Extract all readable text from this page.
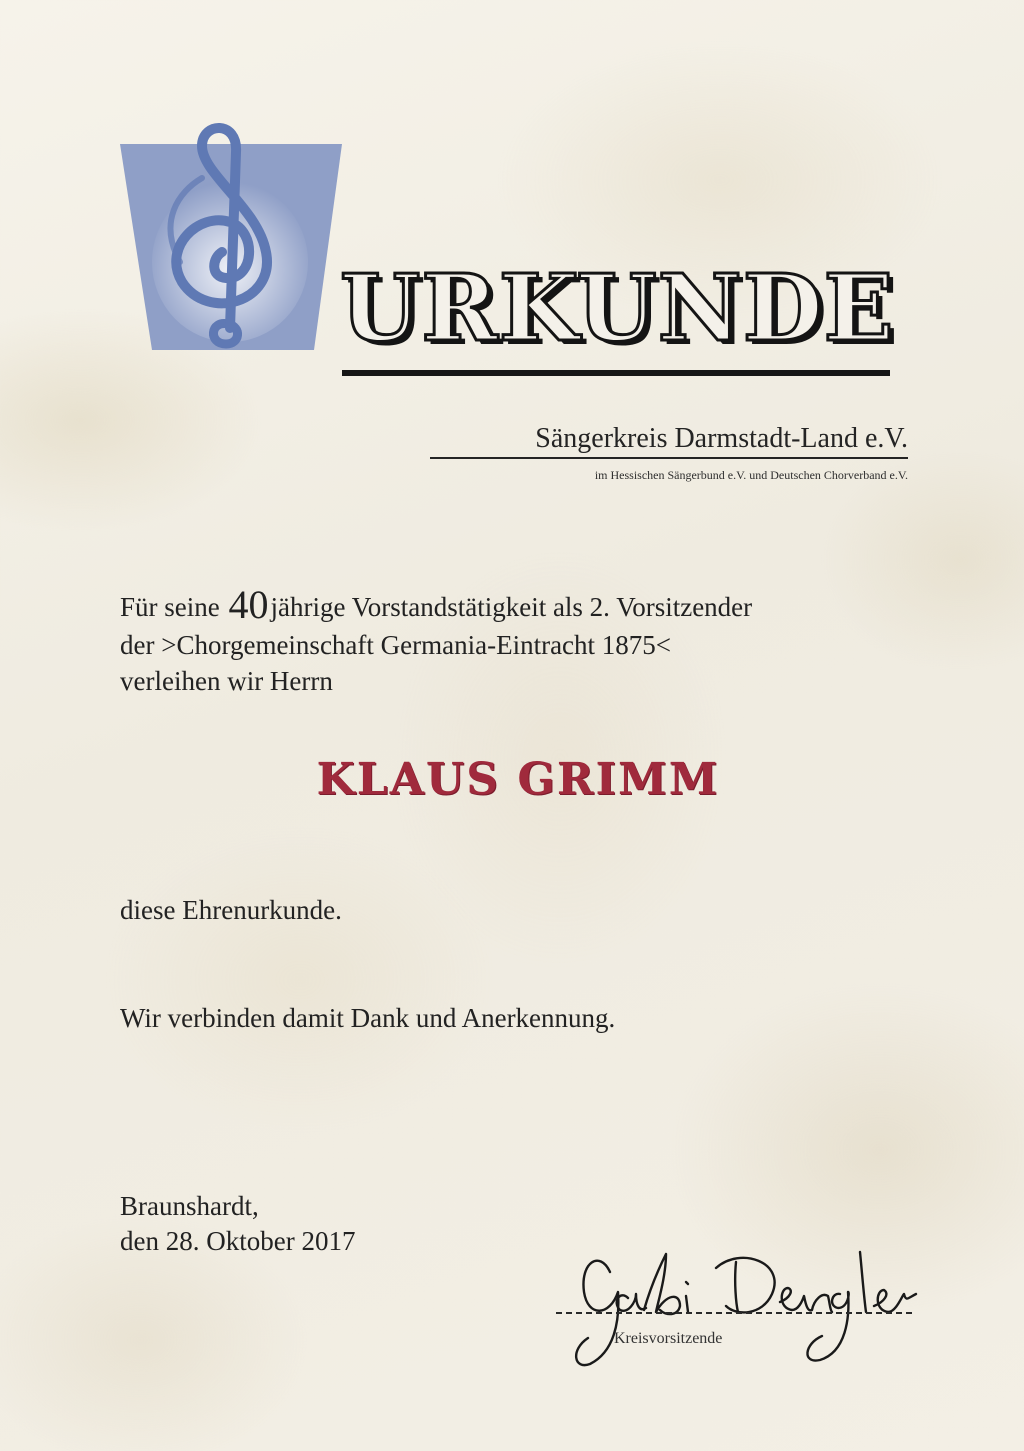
URKUNDE
Sängerkreis Darmstadt-Land e.V.
im Hessischen Sängerbund e.V. und Deutschen Chorverband e.V.
Für seine 40jährige Vorstandstätigkeit als 2. Vorsitzender
der >Chorgemeinschaft Germania-Eintracht 1875<
verleihen wir Herrn
KLAUS GRIMM
diese Ehrenurkunde.
Wir verbinden damit Dank und Anerkennung.
Braunshardt,
den 28. Oktober 2017
Kreisvorsitzende
